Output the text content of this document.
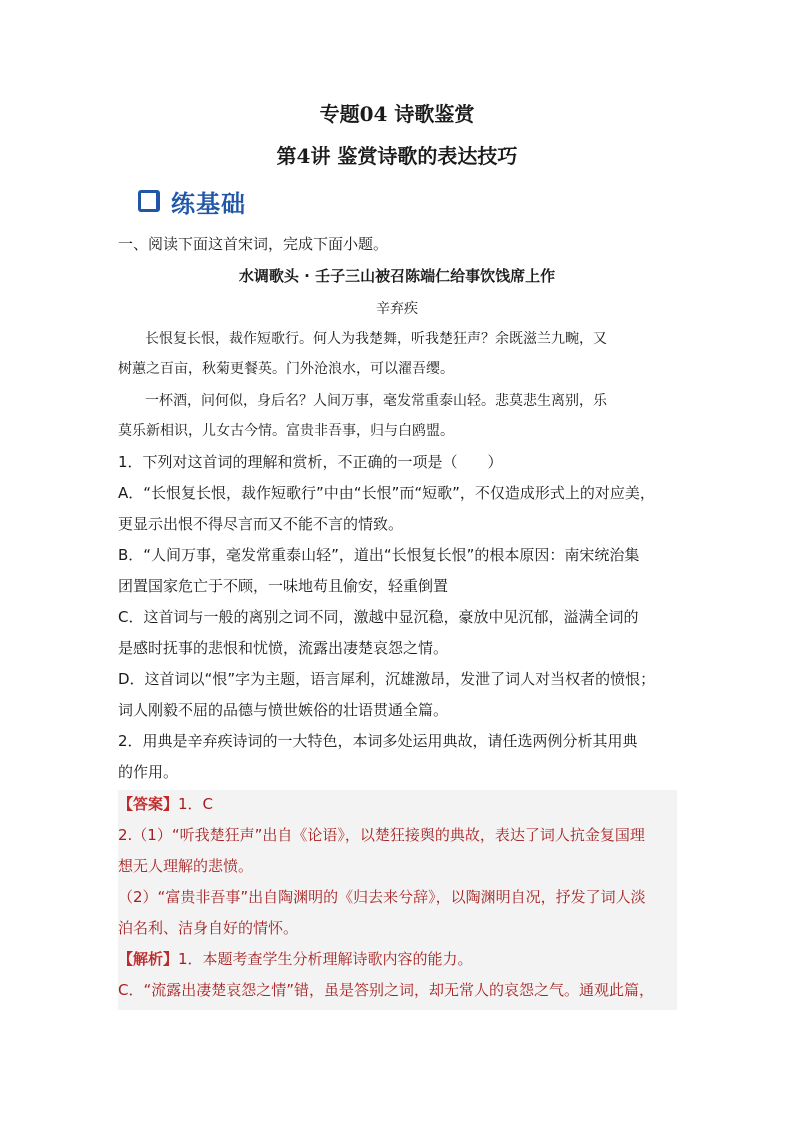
专题04 诗歌鉴赏
第4讲 鉴赏诗歌的表达技巧
练基础
一、阅读下面这首宋词，完成下面小题。
水调歌头 · 壬子三山被召陈端仁给事饮饯席上作
辛弃疾
长恨复长恨，裁作短歌行。何人为我楚舞，听我楚狂声？余既滋兰九畹，又
树蕙之百亩，秋菊更餐英。门外沧浪水，可以濯吾缨。
一杯酒，问何似，身后名？人间万事，毫发常重泰山轻。悲莫悲生离别，乐
莫乐新相识，儿女古今情。富贵非吾事，归与白鸥盟。
1．下列对这首词的理解和赏析，不正确的一项是（　　）
A．“长恨复长恨，裁作短歌行”中由“长恨”而“短歌”，不仅造成形式上的对应美，
更显示出恨不得尽言而又不能不言的情致。
B．“人间万事，毫发常重泰山轻”，道出“长恨复长恨”的根本原因：南宋统治集
团置国家危亡于不顾，一味地苟且偷安，轻重倒置
C．这首词与一般的离别之词不同，激越中显沉稳，豪放中见沉郁，溢满全词的
是感时抚事的悲恨和忧愤，流露出凄楚哀怨之情。
D．这首词以“恨”字为主题，语言犀利，沉雄激昂，发泄了词人对当权者的愤恨；
词人刚毅不屈的品德与愤世嫉俗的壮语贯通全篇。
2．用典是辛弃疾诗词的一大特色，本词多处运用典故，请任选两例分析其用典
的作用。
【答案】1．C
2.（1）“听我楚狂声”出自《论语》，以楚狂接舆的典故，表达了词人抗金复国理
想无人理解的悲愤。
（2）“富贵非吾事”出自陶渊明的《归去来兮辞》，以陶渊明自况，抒发了词人淡
泊名利、洁身自好的情怀。
【解析】1．本题考查学生分析理解诗歌内容的能力。
C．“流露出凄楚哀怨之情”错，虽是答别之词，却无常人的哀怨之气。通观此篇，
